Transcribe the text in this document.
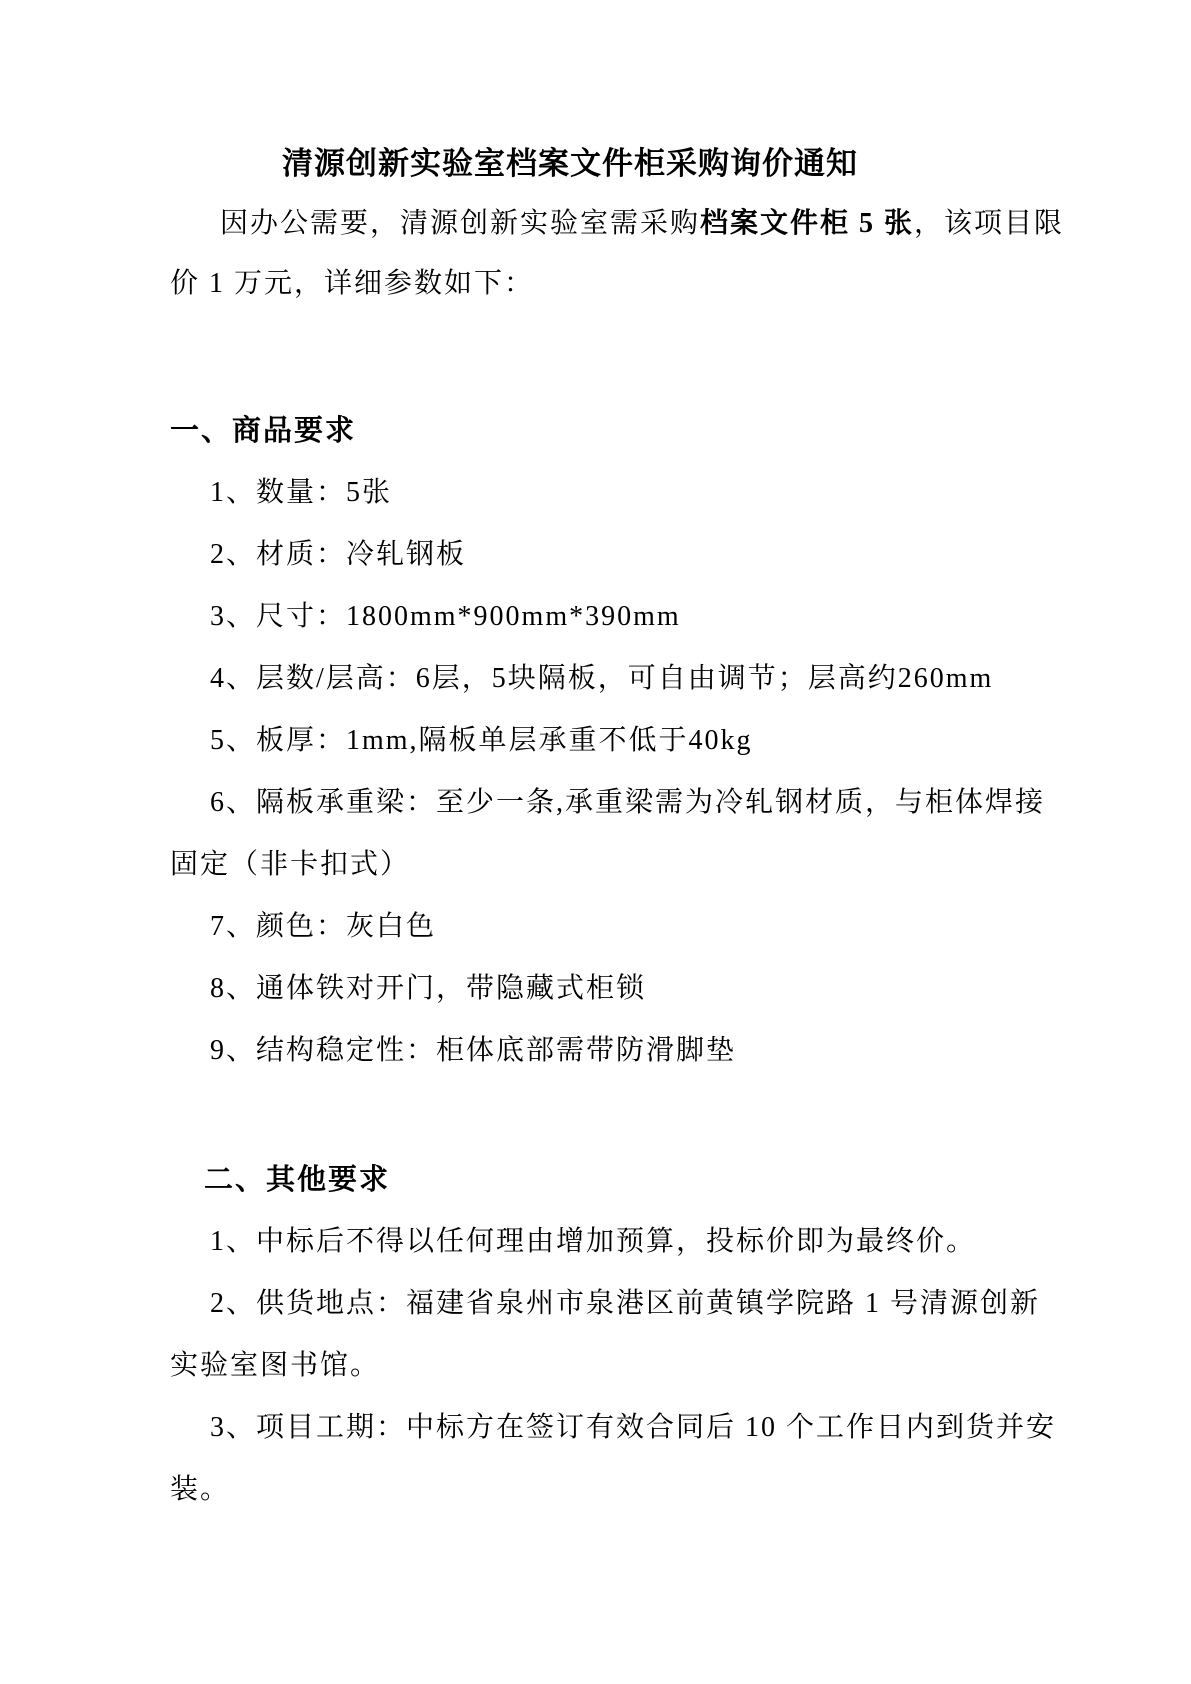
清源创新实验室档案文件柜采购询价通知

因办公需要，清源创新实验室需采购档案文件柜 5 张，该项目限

价 1 万元，详细参数如下：

一、商品要求

1、数量：5张

2、材质：冷轧钢板

3、尺寸：1800mm*900mm*390mm

4、层数/层高：6层，5块隔板，可自由调节；层高约260mm

5、板厚：1mm,隔板单层承重不低于40kg

6、隔板承重梁：至少一条,承重梁需为冷轧钢材质，与柜体焊接

固定（非卡扣式）

7、颜色：灰白色

8、通体铁对开门，带隐藏式柜锁

9、结构稳定性：柜体底部需带防滑脚垫

二、其他要求

1、中标后不得以任何理由增加预算，投标价即为最终价。

2、供货地点：福建省泉州市泉港区前黄镇学院路 1 号清源创新

实验室图书馆。

3、项目工期：中标方在签订有效合同后 10 个工作日内到货并安

装。
